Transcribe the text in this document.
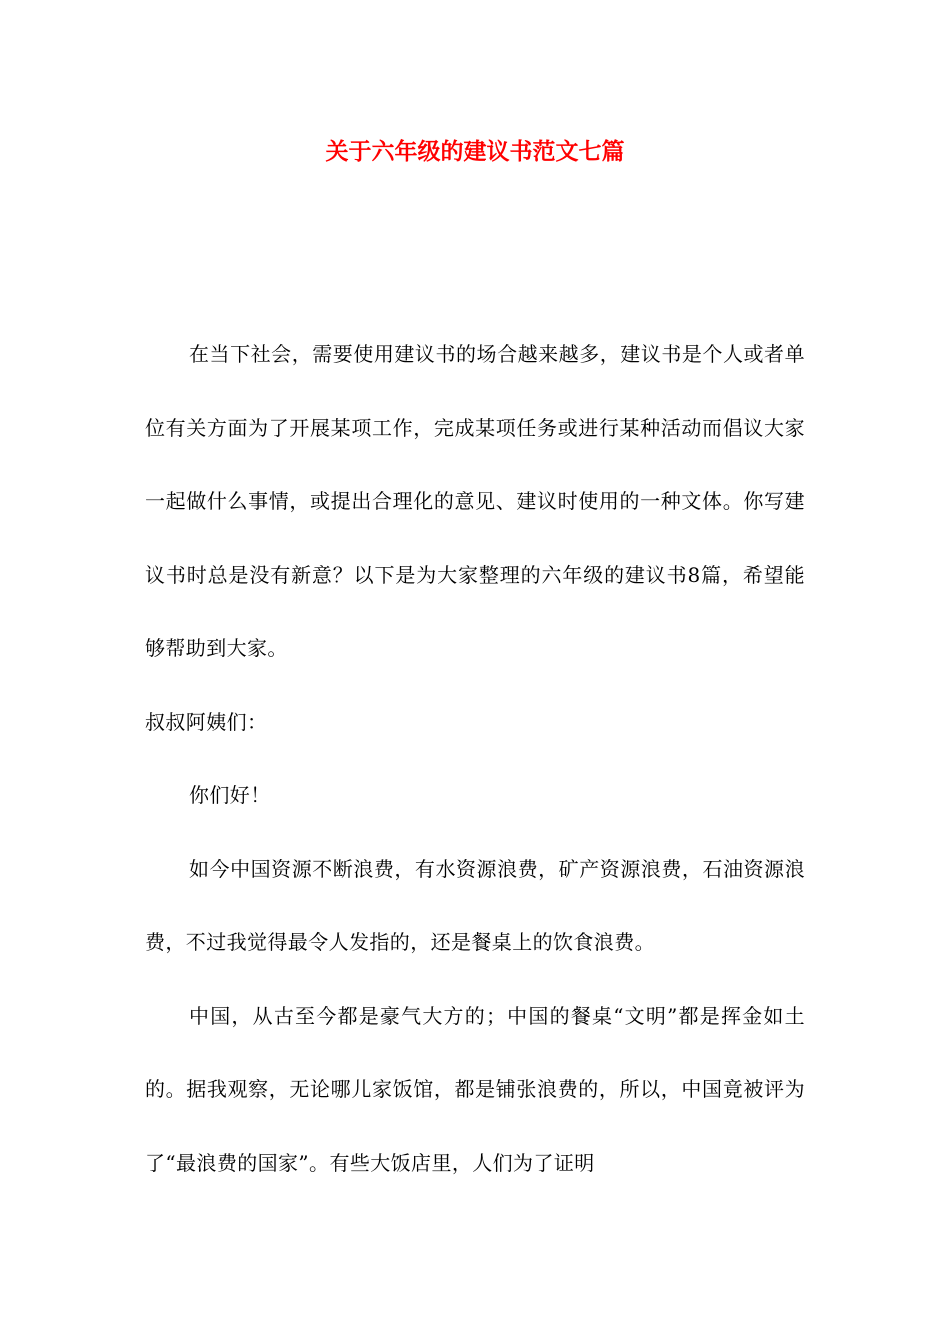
关于六年级的建议书范文七篇

在当下社会，需要使用建议书的场合越来越多，建议书是个人或者单位有关方面为了开展某项工作，完成某项任务或进行某种活动而倡议大家一起做什么事情，或提出合理化的意见、建议时使用的一种文体。你写建议书时总是没有新意？以下是为大家整理的六年级的建议书8篇，希望能够帮助到大家。

叔叔阿姨们：

你们好！

如今中国资源不断浪费，有水资源浪费，矿产资源浪费，石油资源浪费，不过我觉得最令人发指的，还是餐桌上的饮食浪费。

中国，从古至今都是豪气大方的；中国的餐桌“文明”都是挥金如土的。据我观察，无论哪儿家饭馆，都是铺张浪费的，所以，中国竟被评为了“最浪费的国家”。有些大饭店里，人们为了证明
